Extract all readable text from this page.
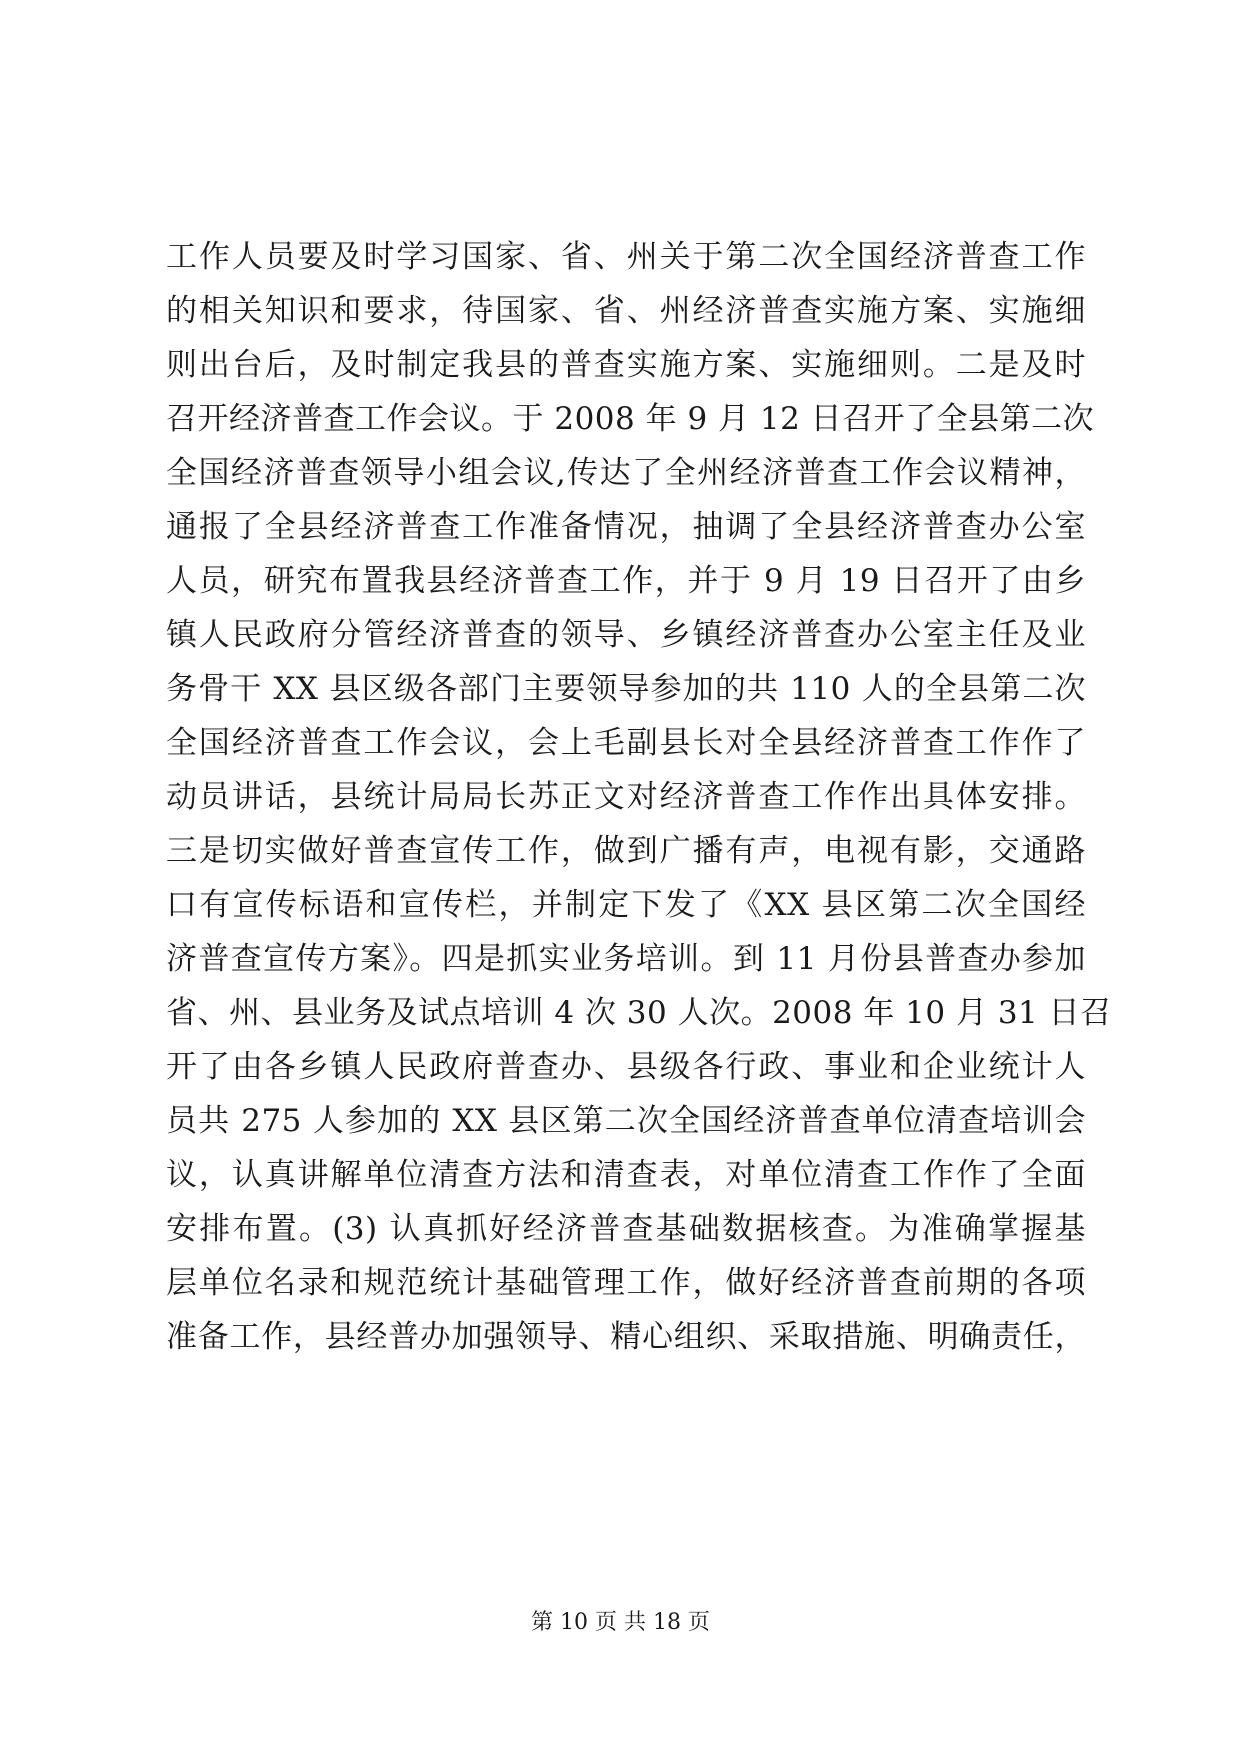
工作人员要及时学习国家、省、州关于第二次全国经济普查工作
的相关知识和要求，待国家、省、州经济普查实施方案、实施细
则出台后，及时制定我县的普查实施方案、实施细则。二是及时
召开经济普查工作会议。于 2008 年 9 月 12 日召开了全县第二次
全国经济普查领导小组会议,传达了全州经济普查工作会议精神，
通报了全县经济普查工作准备情况，抽调了全县经济普查办公室
人员，研究布置我县经济普查工作，并于 9 月 19 日召开了由乡
镇人民政府分管经济普查的领导、乡镇经济普查办公室主任及业
务骨干 XX 县区级各部门主要领导参加的共 110 人的全县第二次
全国经济普查工作会议，会上毛副县长对全县经济普查工作作了
动员讲话，县统计局局长苏正文对经济普查工作作出具体安排。
三是切实做好普查宣传工作，做到广播有声，电视有影，交通路
口有宣传标语和宣传栏，并制定下发了《XX 县区第二次全国经
济普查宣传方案》。四是抓实业务培训。到 11 月份县普查办参加
省、州、县业务及试点培训 4 次 30 人次。2008 年 10 月 31 日召
开了由各乡镇人民政府普查办、县级各行政、事业和企业统计人
员共 275 人参加的 XX 县区第二次全国经济普查单位清查培训会
议，认真讲解单位清查方法和清查表，对单位清查工作作了全面
安排布置。(3) 认真抓好经济普查基础数据核查。为准确掌握基
层单位名录和规范统计基础管理工作，做好经济普查前期的各项
准备工作，县经普办加强领导、精心组织、采取措施、明确责任，
第 10 页 共 18 页
